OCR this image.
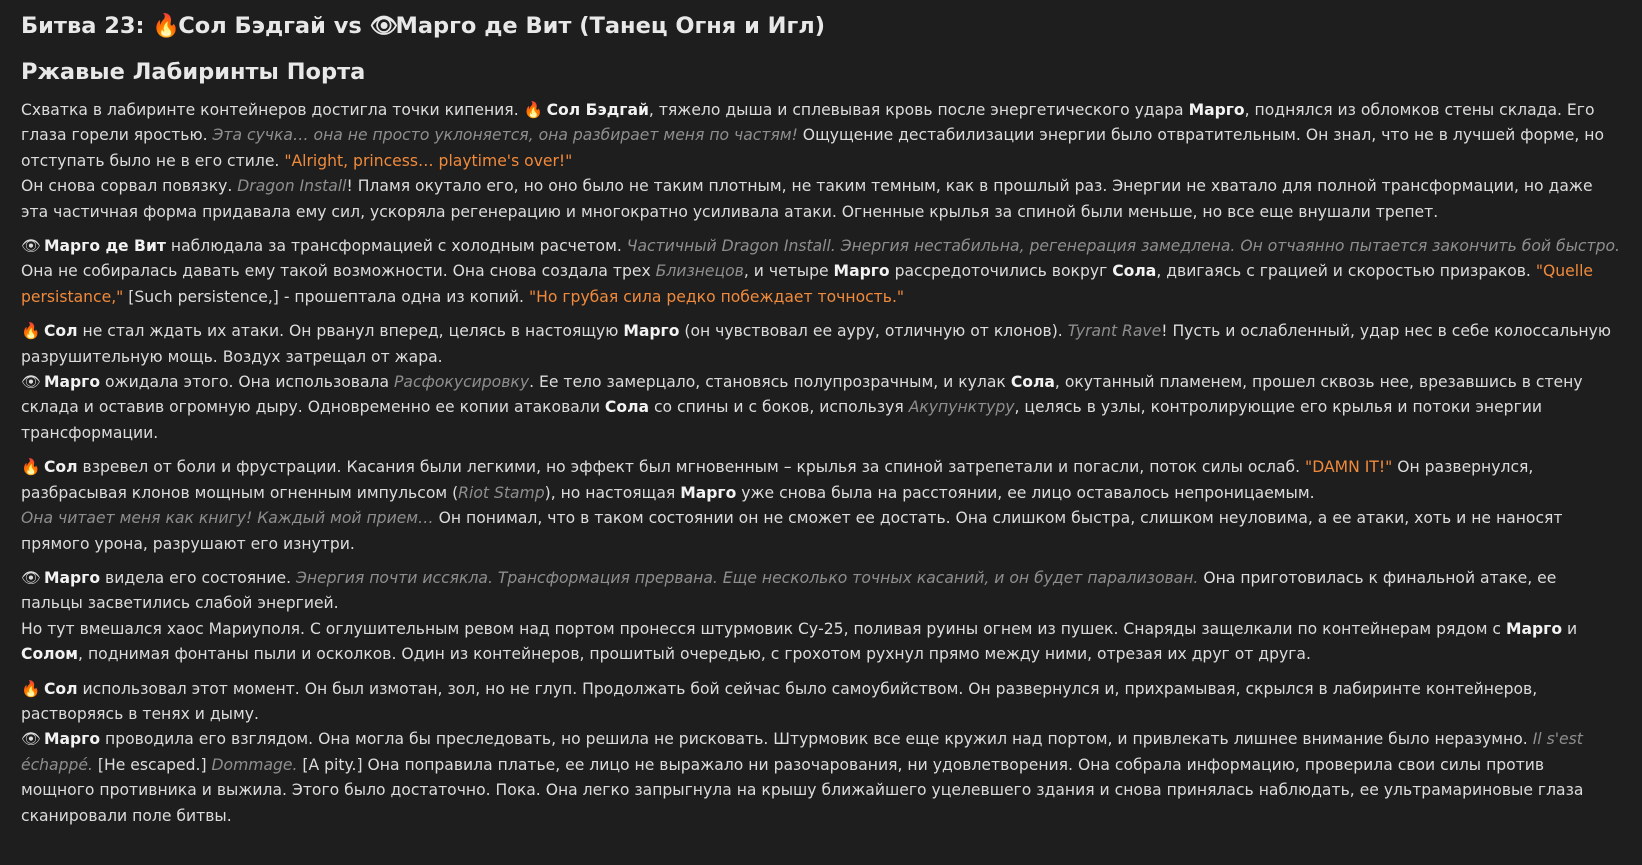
Битва 23: 🔥 Сол Бэдгай vs 👁 Марго де Вит (Танец Огня и Игл)
Ржавые Лабиринты Порта

Схватка в лабиринте контейнеров достигла точки кипения. 🔥 Сол Бэдгай, тяжело дыша и сплевывая кровь после энергетического удара Марго, поднялся из обломков стены склада. Его глаза горели яростью. Эта сучка… она не просто уклоняется, она разбирает меня по частям! Ощущение дестабилизации энергии было отвратительным. Он знал, что не в лучшей форме, но отступать было не в его стиле. "Alright, princess… playtime's over!"

Он снова сорвал повязку. Dragon Install! Пламя окутало его, но оно было не таким плотным, не таким темным, как в прошлый раз. Энергии не хватало для полной трансформации, но даже эта частичная форма придавала ему сил, ускоряла регенерацию и многократно усиливала атаки. Огненные крылья за спиной были меньше, но все еще внушали трепет.

👁 Марго де Вит наблюдала за трансформацией с холодным расчетом. Частичный Dragon Install. Энергия нестабильна, регенерация замедлена. Он отчаянно пытается закончить бой быстро. Она не собиралась давать ему такой возможности. Она снова создала трех Близнецов, и четыре Марго рассредоточились вокруг Сола, двигаясь с грацией и скоростью призраков. "Quelle persistance," [Such persistence,] - прошептала одна из копий. "Но грубая сила редко побеждает точность."

🔥 Сол не стал ждать их атаки. Он рванул вперед, целясь в настоящую Марго (он чувствовал ее ауру, отличную от клонов). Tyrant Rave! Пусть и ослабленный, удар нес в себе колоссальную разрушительную мощь. Воздух затрещал от жара.

👁 Марго ожидала этого. Она использовала Расфокусировку. Ее тело замерцало, становясь полупрозрачным, и кулак Сола, окутанный пламенем, прошел сквозь нее, врезавшись в стену склада и оставив огромную дыру. Одновременно ее копии атаковали Сола со спины и с боков, используя Акупунктуру, целясь в узлы, контролирующие его крылья и потоки энергии трансформации.

🔥 Сол взревел от боли и фрустрации. Касания были легкими, но эффект был мгновенным – крылья за спиной затрепетали и погасли, поток силы ослаб. "DAMN IT!" Он развернулся, разбрасывая клонов мощным огненным импульсом (Riot Stamp), но настоящая Марго уже снова была на расстоянии, ее лицо оставалось непроницаемым.

Она читает меня как книгу! Каждый мой прием… Он понимал, что в таком состоянии он не сможет ее достать. Она слишком быстра, слишком неуловима, а ее атаки, хоть и не наносят прямого урона, разрушают его изнутри.

👁 Марго видела его состояние. Энергия почти иссякла. Трансформация прервана. Еще несколько точных касаний, и он будет парализован. Она приготовилась к финальной атаке, ее пальцы засветились слабой энергией.

Но тут вмешался хаос Мариуполя. С оглушительным ревом над портом пронесся штурмовик Су-25, поливая руины огнем из пушек. Снаряды защелкали по контейнерам рядом с Марго и Солом, поднимая фонтаны пыли и осколков. Один из контейнеров, прошитый очередью, с грохотом рухнул прямо между ними, отрезая их друг от друга.

🔥 Сол использовал этот момент. Он был измотан, зол, но не глуп. Продолжать бой сейчас было самоубийством. Он развернулся и, прихрамывая, скрылся в лабиринте контейнеров, растворяясь в тенях и дыму.

👁 Марго проводила его взглядом. Она могла бы преследовать, но решила не рисковать. Штурмовик все еще кружил над портом, и привлекать лишнее внимание было неразумно. Il s'est échappé. [He escaped.] Dommage. [A pity.] Она поправила платье, ее лицо не выражало ни разочарования, ни удовлетворения. Она собрала информацию, проверила свои силы против мощного противника и выжила. Этого было достаточно. Пока. Она легко запрыгнула на крышу ближайшего уцелевшего здания и снова принялась наблюдать, ее ультрамариновые глаза сканировали поле битвы.
